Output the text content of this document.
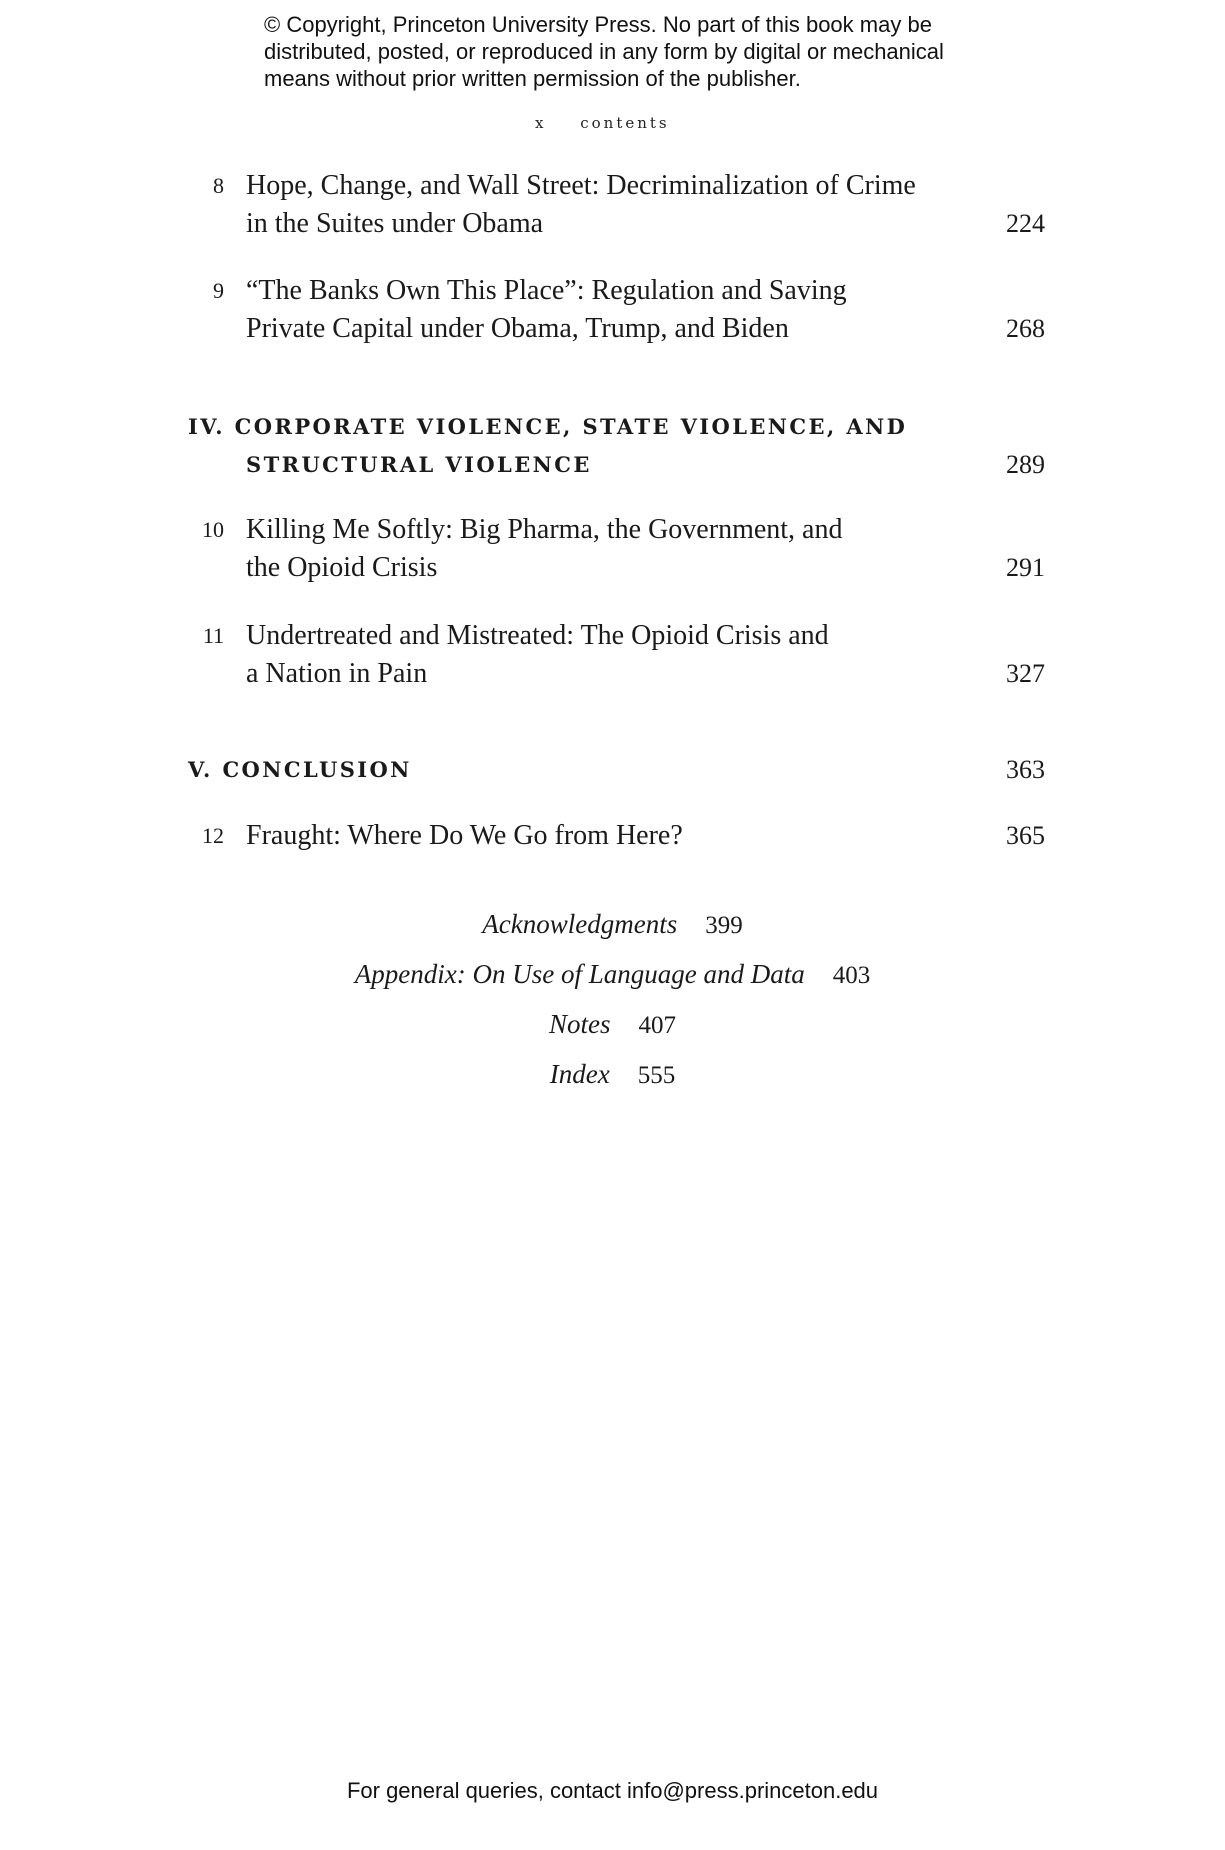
© Copyright, Princeton University Press. No part of this book may be
distributed, posted, or reproduced in any form by digital or mechanical
means without prior written permission of the publisher.
x contents
8 Hope, Change, and Wall Street: Decriminalization of Crime
in the Suites under Obama	224
9 “The Banks Own This Place”: Regulation and Saving
Private Capital under Obama, Trump, and Biden	268
IV. CORPORATE VIOLENCE, STATE VIOLENCE, AND
STRUCTURAL VIOLENCE	289
10 Killing Me Softly: Big Pharma, the Government, and
the Opioid Crisis	291
11 Undertreated and Mistreated: The Opioid Crisis and
a Nation in Pain	327
V. CONCLUSION	363
12 Fraught: Where Do We Go from Here?	365
Acknowledgments 399
Appendix: On Use of Language and Data 403
Notes 407
Index 555
For general queries, contact info@press.princeton.edu
